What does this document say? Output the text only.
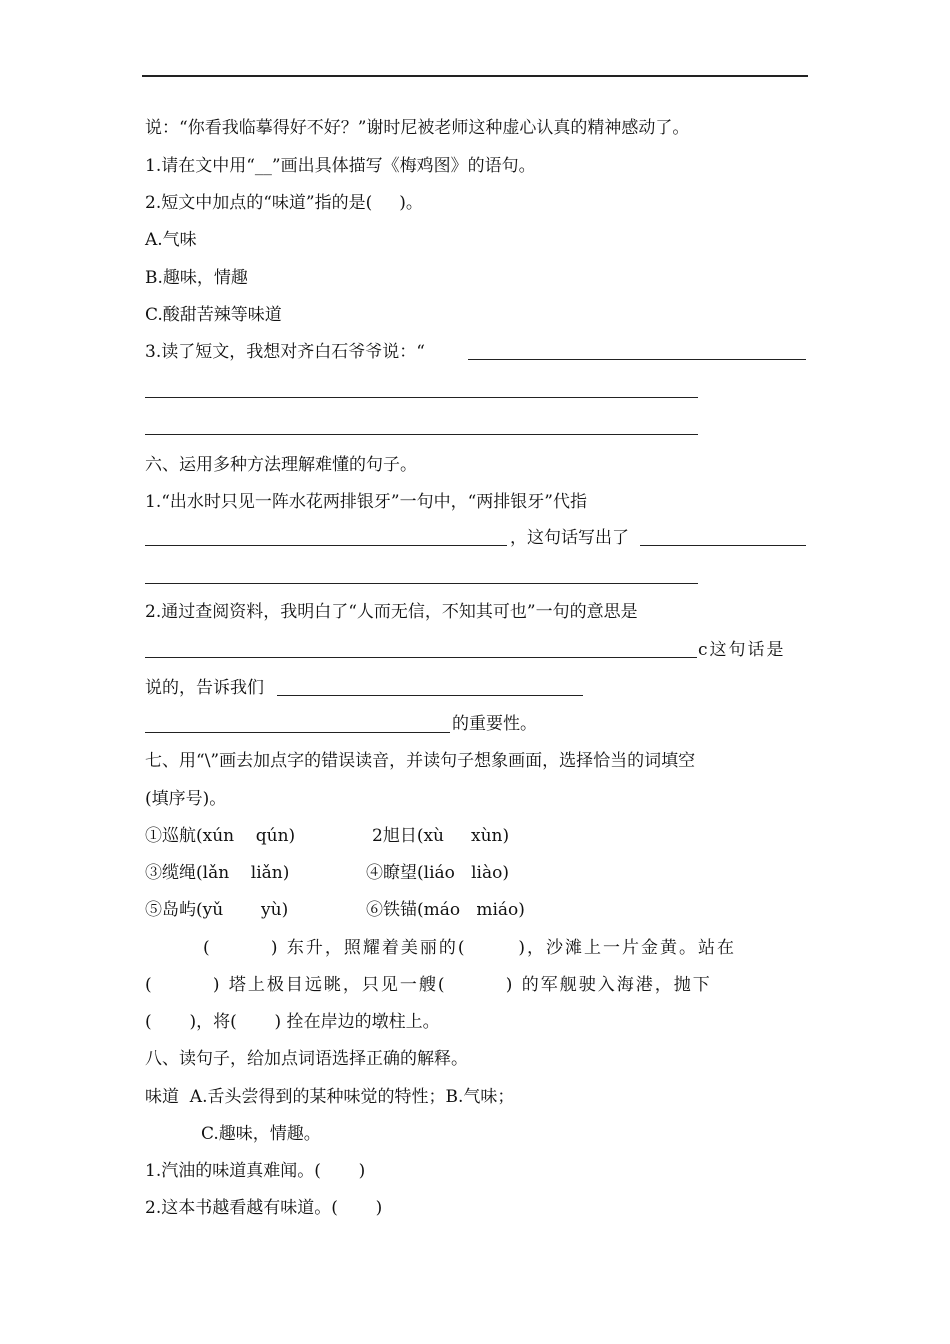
说：“你看我临摹得好不好？”谢时尼被老师这种虚心认真的精神感动了。
1.请在文中用“__”画出具体描写《梅鸡图》的语句。
2.短文中加点的“味道”指的是(     )。
A.气味
B.趣味，情趣
C.酸甜苦辣等味道
3.读了短文，我想对齐白石爷爷说：“
六、运用多种方法理解难懂的句子。
1.“出水时只见一阵水花两排银牙”一句中，“两排银牙”代指
，这句话写出了
2.通过查阅资料，我明白了“人而无信，不知其可也”一句的意思是
c这句话是
说的，告诉我们
的重要性。
七、用“\”画去加点字的错误读音，并读句子想象画面，选择恰当的词填空
(填序号)。
①巡航(xún    qún)	2旭日(xù     xùn)
③缆绳(lǎn    liǎn)	④瞭望(liáo   liào)
⑤岛屿(yǔ       yù)	⑥铁锚(máo   miáo)
(        ) 东升，照耀着美丽的(       )，沙滩上一片金黄。站在
(        ) 塔上极目远眺，只见一艘(        ) 的军舰驶入海港，抛下
(       )，将(       ) 拴在岸边的墩柱上。
八、读句子，给加点词语选择正确的解释。
味道  A.舌头尝得到的某种味觉的特性；B.气味；
C.趣味，情趣。
1.汽油的味道真难闻。(       )
2.这本书越看越有味道。(       )
